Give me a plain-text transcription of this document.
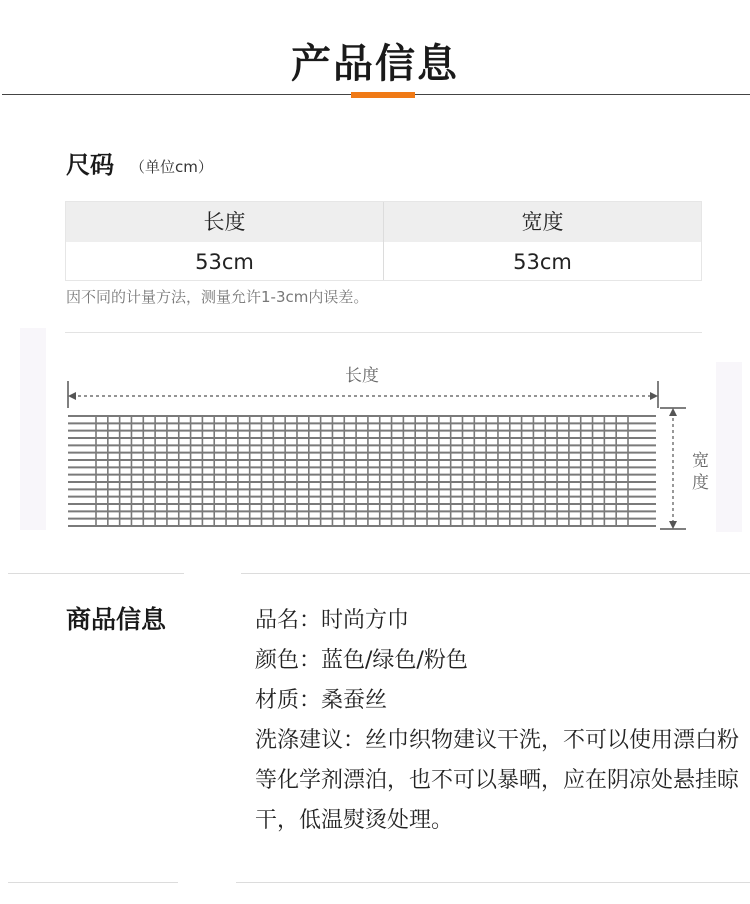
产品信息
尺码 （单位cm）
长度	宽度
53cm	53cm
因不同的计量方法，测量允许1-3cm内误差。
长度
宽
度
商品信息	品名：时尚方巾
颜色：蓝色/绿色/粉色
材质：桑蚕丝
洗涤建议：丝巾织物建议干洗，不可以使用漂白粉等化学剂漂泊，也不可以暴晒，应在阴凉处悬挂晾干，低温熨烫处理。
